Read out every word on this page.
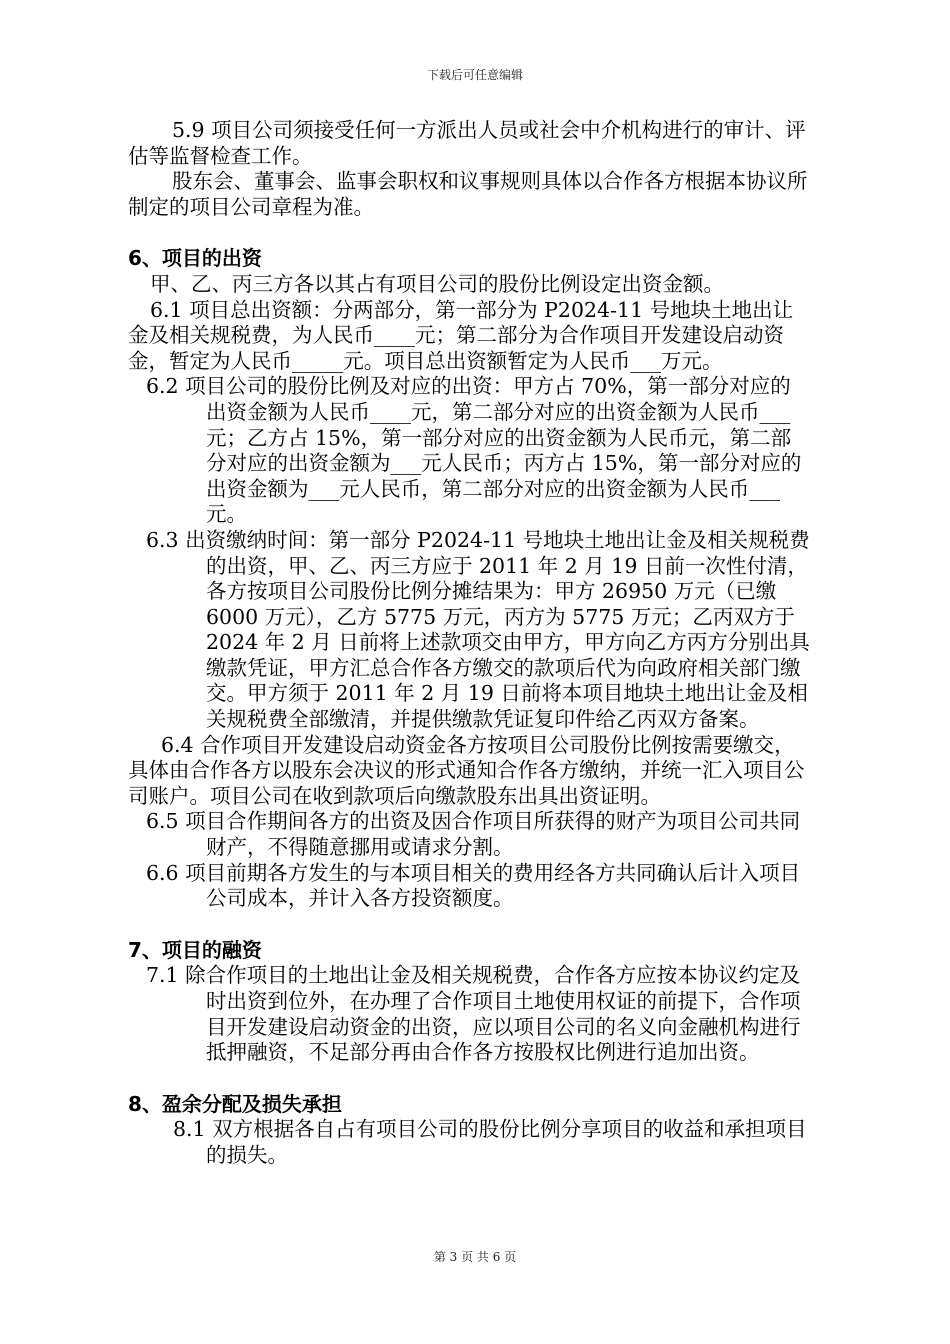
下载后可任意编辑

5.9 项目公司须接受任何一方派出人员或社会中介机构进行的审计、评估等监督检查工作。

股东会、董事会、监事会职权和议事规则具体以合作各方根据本协议所制定的项目公司章程为准。

6、项目的出资

甲、乙、丙三方各以其占有项目公司的股份比例设定出资金额。

6.1 项目总出资额：分两部分，第一部分为 P2024-11 号地块土地出让金及相关规税费，为人民币____元；第二部分为合作项目开发建设启动资金，暂定为人民币_____元。项目总出资额暂定为人民币___万元。

6.2 项目公司的股份比例及对应的出资：甲方占 70%，第一部分对应的出资金额为人民币____元，第二部分对应的出资金额为人民币___元；乙方占 15%，第一部分对应的出资金额为人民币元，第二部分对应的出资金额为___元人民币；丙方占 15%，第一部分对应的出资金额为___元人民币，第二部分对应的出资金额为人民币___元。

6.3 出资缴纳时间：第一部分 P2024-11 号地块土地出让金及相关规税费的出资，甲、乙、丙三方应于 2011 年 2 月 19 日前一次性付清，各方按项目公司股份比例分摊结果为：甲方 26950 万元（已缴 6000 万元），乙方 5775 万元，丙方为 5775 万元；乙丙双方于 2024 年 2 月 日前将上述款项交由甲方，甲方向乙方丙方分别出具缴款凭证，甲方汇总合作各方缴交的款项后代为向政府相关部门缴交。甲方须于 2011 年 2 月 19 日前将本项目地块土地出让金及相关规税费全部缴清，并提供缴款凭证复印件给乙丙双方备案。

6.4 合作项目开发建设启动资金各方按项目公司股份比例按需要缴交，具体由合作各方以股东会决议的形式通知合作各方缴纳，并统一汇入项目公司账户。项目公司在收到款项后向缴款股东出具出资证明。

6.5 项目合作期间各方的出资及因合作项目所获得的财产为项目公司共同财产，不得随意挪用或请求分割。

6.6 项目前期各方发生的与本项目相关的费用经各方共同确认后计入项目公司成本，并计入各方投资额度。

7、项目的融资

7.1 除合作项目的土地出让金及相关规税费，合作各方应按本协议约定及时出资到位外，在办理了合作项目土地使用权证的前提下，合作项目开发建设启动资金的出资，应以项目公司的名义向金融机构进行抵押融资，不足部分再由合作各方按股权比例进行追加出资。

8、盈余分配及损失承担

8.1 双方根据各自占有项目公司的股份比例分享项目的收益和承担项目的损失。

第 3 页 共 6 页
